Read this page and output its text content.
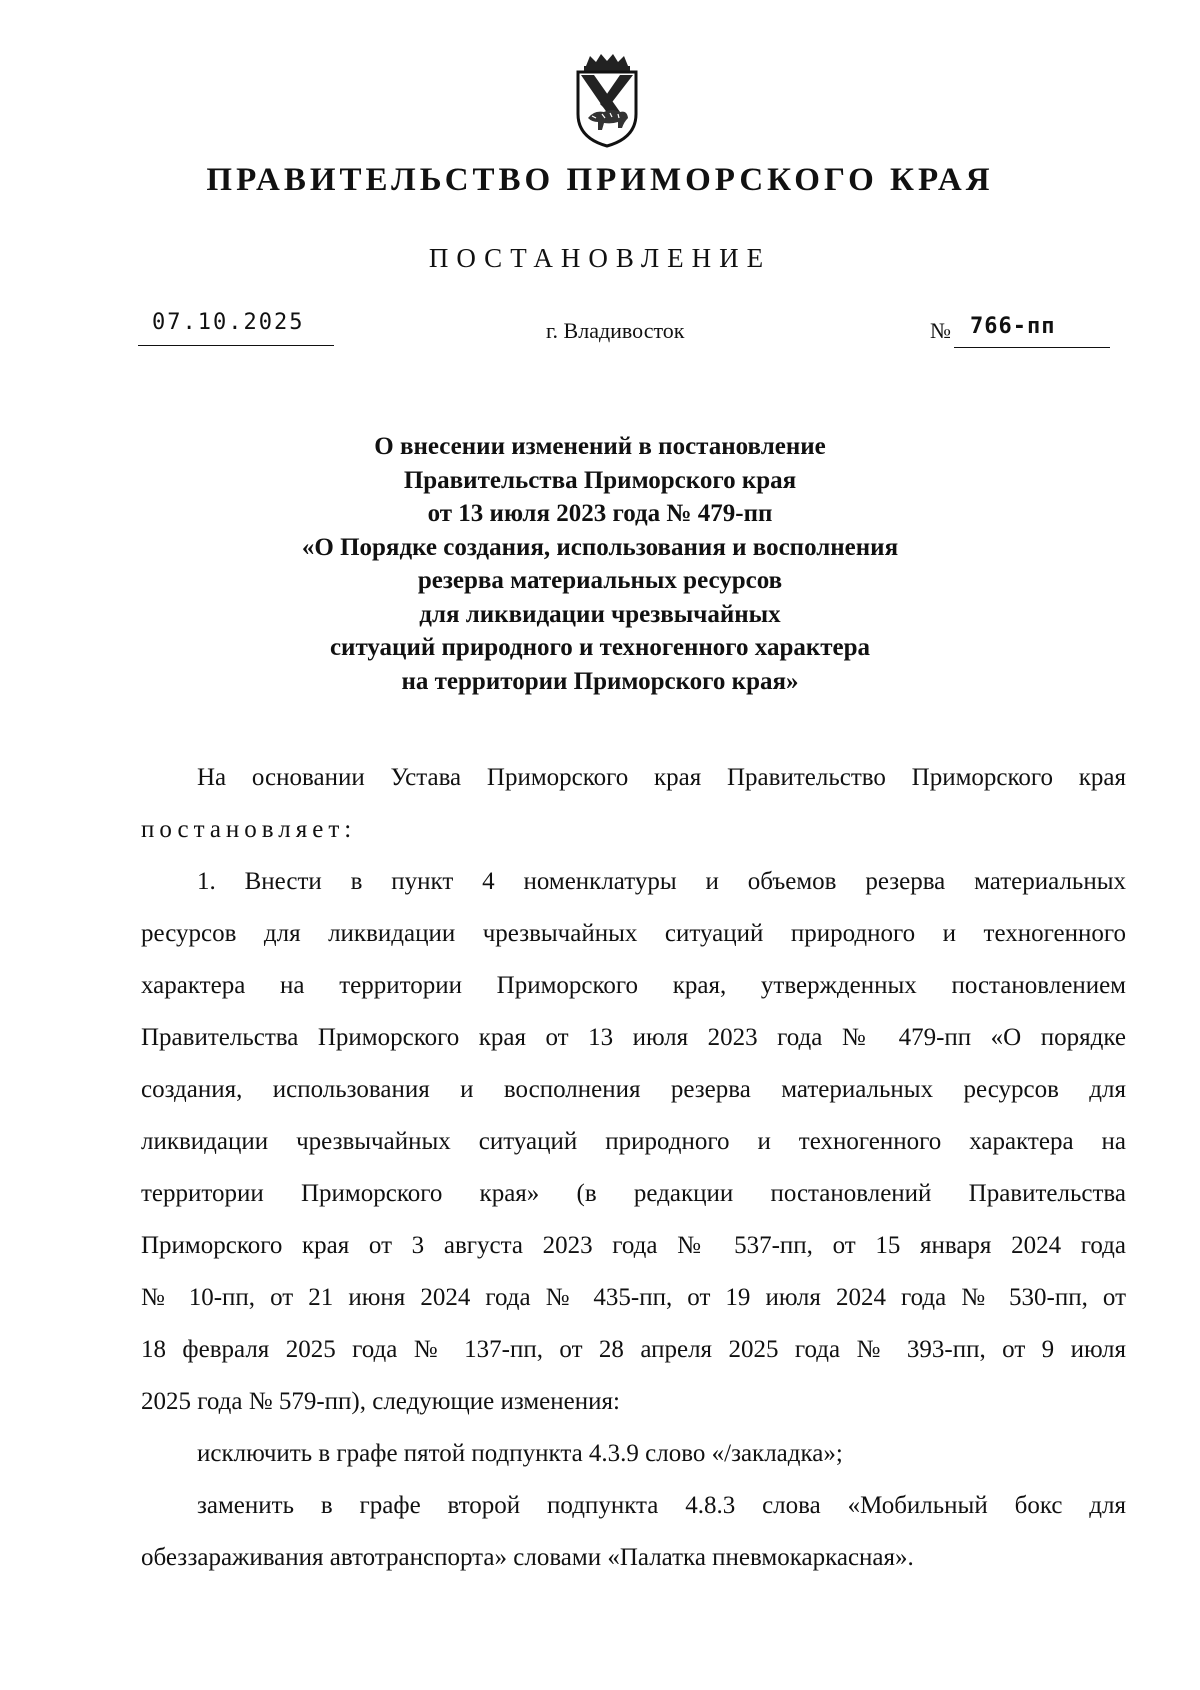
ПРАВИТЕЛЬСТВО ПРИМОРСКОГО КРАЯ
ПОСТАНОВЛЕНИЕ
07.10.2025	г. Владивосток	№ 766-пп
О внесении изменений в постановление
Правительства Приморского края
от 13 июля 2023 года № 479-пп
«О Порядке создания, использования и восполнения
резерва материальных ресурсов
для ликвидации чрезвычайных
ситуаций природного и техногенного характера
на территории Приморского края»
На основании Устава Приморского края Правительство Приморского края
постановляет:
1. Внести в пункт 4 номенклатуры и объемов резерва материальных
ресурсов для ликвидации чрезвычайных ситуаций природного и техногенного
характера на территории Приморского края, утвержденных постановлением
Правительства Приморского края от 13 июля 2023 года № 479-пп «О порядке
создания, использования и восполнения резерва материальных ресурсов для
ликвидации чрезвычайных ситуаций природного и техногенного характера на
территории Приморского края» (в редакции постановлений Правительства
Приморского края от 3 августа 2023 года № 537-пп, от 15 января 2024 года
№ 10-пп, от 21 июня 2024 года № 435-пп, от 19 июля 2024 года № 530-пп, от
18 февраля 2025 года № 137-пп, от 28 апреля 2025 года № 393-пп, от 9 июля
2025 года № 579-пп), следующие изменения:
исключить в графе пятой подпункта 4.3.9 слово «/закладка»;
заменить в графе второй подпункта 4.8.3 слова «Мобильный бокс для
обеззараживания автотранспорта» словами «Палатка пневмокаркасная».
